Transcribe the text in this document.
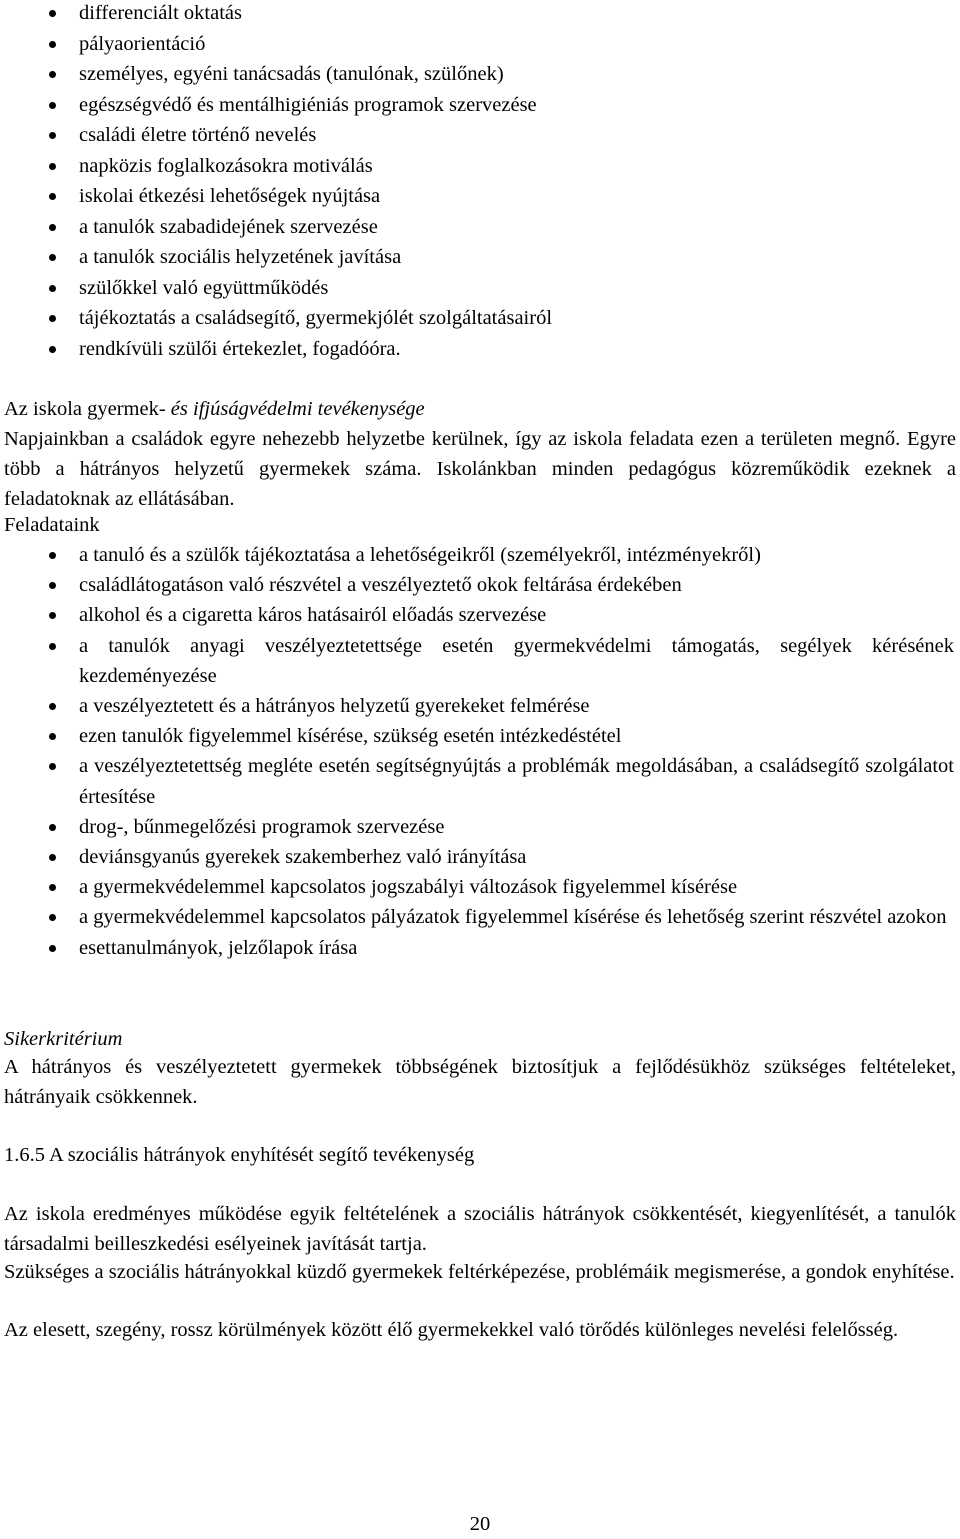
differenciált oktatás
pályaorientáció
személyes, egyéni tanácsadás (tanulónak, szülőnek)
egészségvédő és mentálhigiéniás programok szervezése
családi életre történő nevelés
napközis foglalkozásokra motiválás
iskolai étkezési lehetőségek nyújtása
a tanulók szabadidejének szervezése
a tanulók szociális helyzetének javítása
szülőkkel való együttműködés
tájékoztatás a családsegítő, gyermekjólét szolgáltatásairól
rendkívüli szülői értekezlet, fogadóóra.
Az iskola gyermek- és ifjúságvédelmi tevékenysége
Napjainkban a családok egyre nehezebb helyzetbe kerülnek, így az iskola feladata ezen a területen megnő. Egyre több a hátrányos helyzetű gyermekek száma. Iskolánkban minden pedagógus közreműködik ezeknek a feladatoknak az ellátásában.
Feladataink
a tanuló és a szülők tájékoztatása a lehetőségeikről (személyekről, intézményekről)
családlátogatáson való részvétel a veszélyeztető okok feltárása érdekében
alkohol és a cigaretta káros hatásairól előadás szervezése
a tanulók anyagi veszélyeztetettsége esetén gyermekvédelmi támogatás, segélyek kérésének kezdeményezése
a veszélyeztetett és a hátrányos helyzetű gyerekeket felmérése
ezen tanulók figyelemmel kísérése, szükség esetén intézkedéstétel
a veszélyeztetettség megléte esetén segítségnyújtás a problémák megoldásában, a családsegítő szolgálatot értesítése
drog-, bűnmegelőzési programok szervezése
deviánsgyanús gyerekek szakemberhez való irányítása
a gyermekvédelemmel kapcsolatos jogszabályi változások figyelemmel kísérése
a gyermekvédelemmel kapcsolatos pályázatok figyelemmel kísérése és lehetőség szerint részvétel azokon
esettanulmányok, jelzőlapok írása
Sikerkritérium
A hátrányos és veszélyeztetett gyermekek többségének biztosítjuk a fejlődésükhöz szükséges feltételeket, hátrányaik csökkennek.
1.6.5 A szociális hátrányok enyhítését segítő tevékenység
Az iskola eredményes működése egyik feltételének a szociális hátrányok csökkentését, kiegyenlítését, a tanulók társadalmi beilleszkedési esélyeinek javítását tartja.
Szükséges a szociális hátrányokkal küzdő gyermekek feltérképezése, problémáik megismerése, a gondok enyhítése.
Az elesett, szegény, rossz körülmények között élő gyermekekkel való törődés különleges nevelési felelősség.
20
